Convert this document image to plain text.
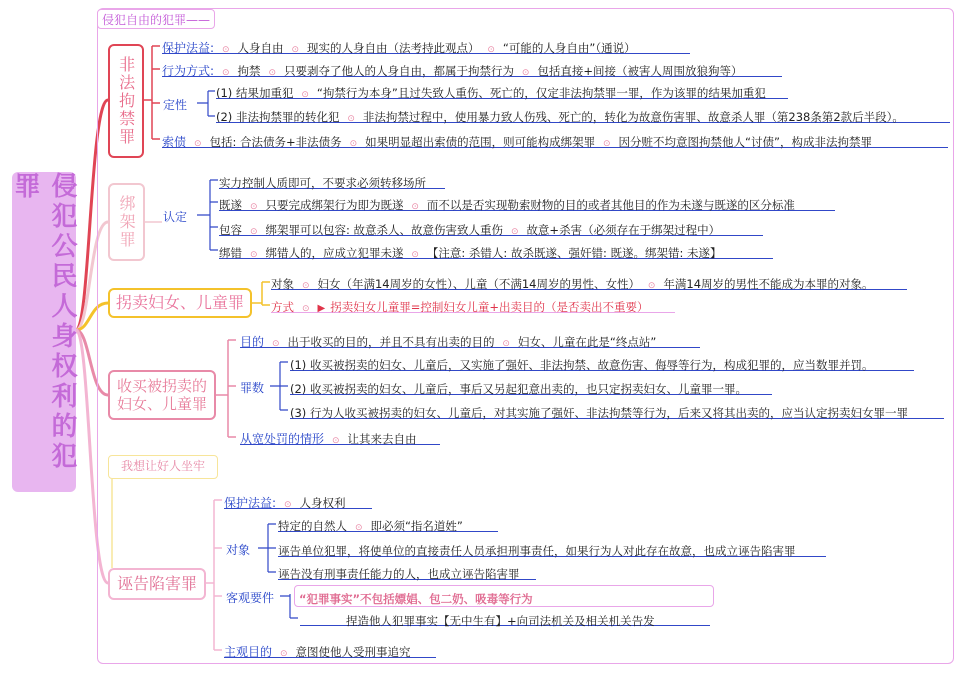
侵犯自由的犯罪——
侵犯公民人身权利的犯罪
非法拘禁罪
保护法益:  ⊙  人身自由  ⊙  现实的人身自由（法考持此观点）  ⊙  “可能的人身自由”（通说）
行为方式:  ⊙  拘禁  ⊙  只要剥夺了他人的人身自由，都属于拘禁行为  ⊙  包括直接+间接（被害人周围放狼狗等）
定性
(1) 结果加重犯  ⊙  “拘禁行为本身”且过失致人重伤、死亡的，仅定非法拘禁罪一罪，作为该罪的结果加重犯
(2) 非法拘禁罪的转化犯  ⊙  非法拘禁过程中，使用暴力致人伤残、死亡的，转化为故意伤害罪、故意杀人罪（第238条第2款后半段）。
索债  ⊙  包括: 合法债务+非法债务  ⊙  如果明显超出索债的范围，则可能构成绑架罪  ⊙  因分赃不均意图拘禁他人“讨债”，构成非法拘禁罪
绑架罪 认定
实力控制人质即可，不要求必须转移场所
既遂  ⊙  只要完成绑架行为即为既遂  ⊙  而不以是否实现勒索财物的目的或者其他目的作为未遂与既遂的区分标准
包容  ⊙  绑架罪可以包容: 故意杀人、故意伤害致人重伤  ⊙  故意+杀害（必须存在于绑架过程中）
绑错  ⊙  绑错人的，应成立犯罪未遂  ⊙  【注意: 杀错人: 故杀既遂、强奸错: 既遂。绑架错: 未遂】
拐卖妇女、儿童罪
对象  ⊙  妇女（年满14周岁的女性）、儿童（不满14周岁的男性、女性）  ⊙  年满14周岁的男性不能成为本罪的对象。
方式  ⊙  ▶ 拐卖妇女儿童罪=控制妇女儿童+出卖目的（是否卖出不重要）
收买被拐卖的妇女、儿童罪
目的  ⊙  出于收买的目的，并且不具有出卖的目的  ⊙  妇女、儿童在此是“终点站”
罪数
(1) 收买被拐卖的妇女、儿童后，又实施了强奸、非法拘禁、故意伤害、侮辱等行为，构成犯罪的，应当数罪并罚。
(2) 收买被拐卖的妇女、儿童后，事后又另起犯意出卖的，也只定拐卖妇女、儿童罪一罪。
(3) 行为人收买被拐卖的妇女、儿童后，对其实施了强奸、非法拘禁等行为，后来又将其出卖的，应当认定拐卖妇女罪一罪
从宽处罚的情形  ⊙  让其来去自由
我想让好人坐牢
诬告陷害罪
保护法益:  ⊙  人身权利
对象
特定的自然人  ⊙  即必须“指名道姓”
诬告单位犯罪，将使单位的直接责任人员承担刑事责任，如果行为人对此存在故意，也成立诬告陷害罪
诬告没有刑事责任能力的人，也成立诬告陷害罪
客观要件	“犯罪事实”不包括嫖娼、包二奶、吸毒等行为
捏造他人犯罪事实【无中生有】+向司法机关及相关机关告发
主观目的  ⊙  意图使他人受刑事追究
